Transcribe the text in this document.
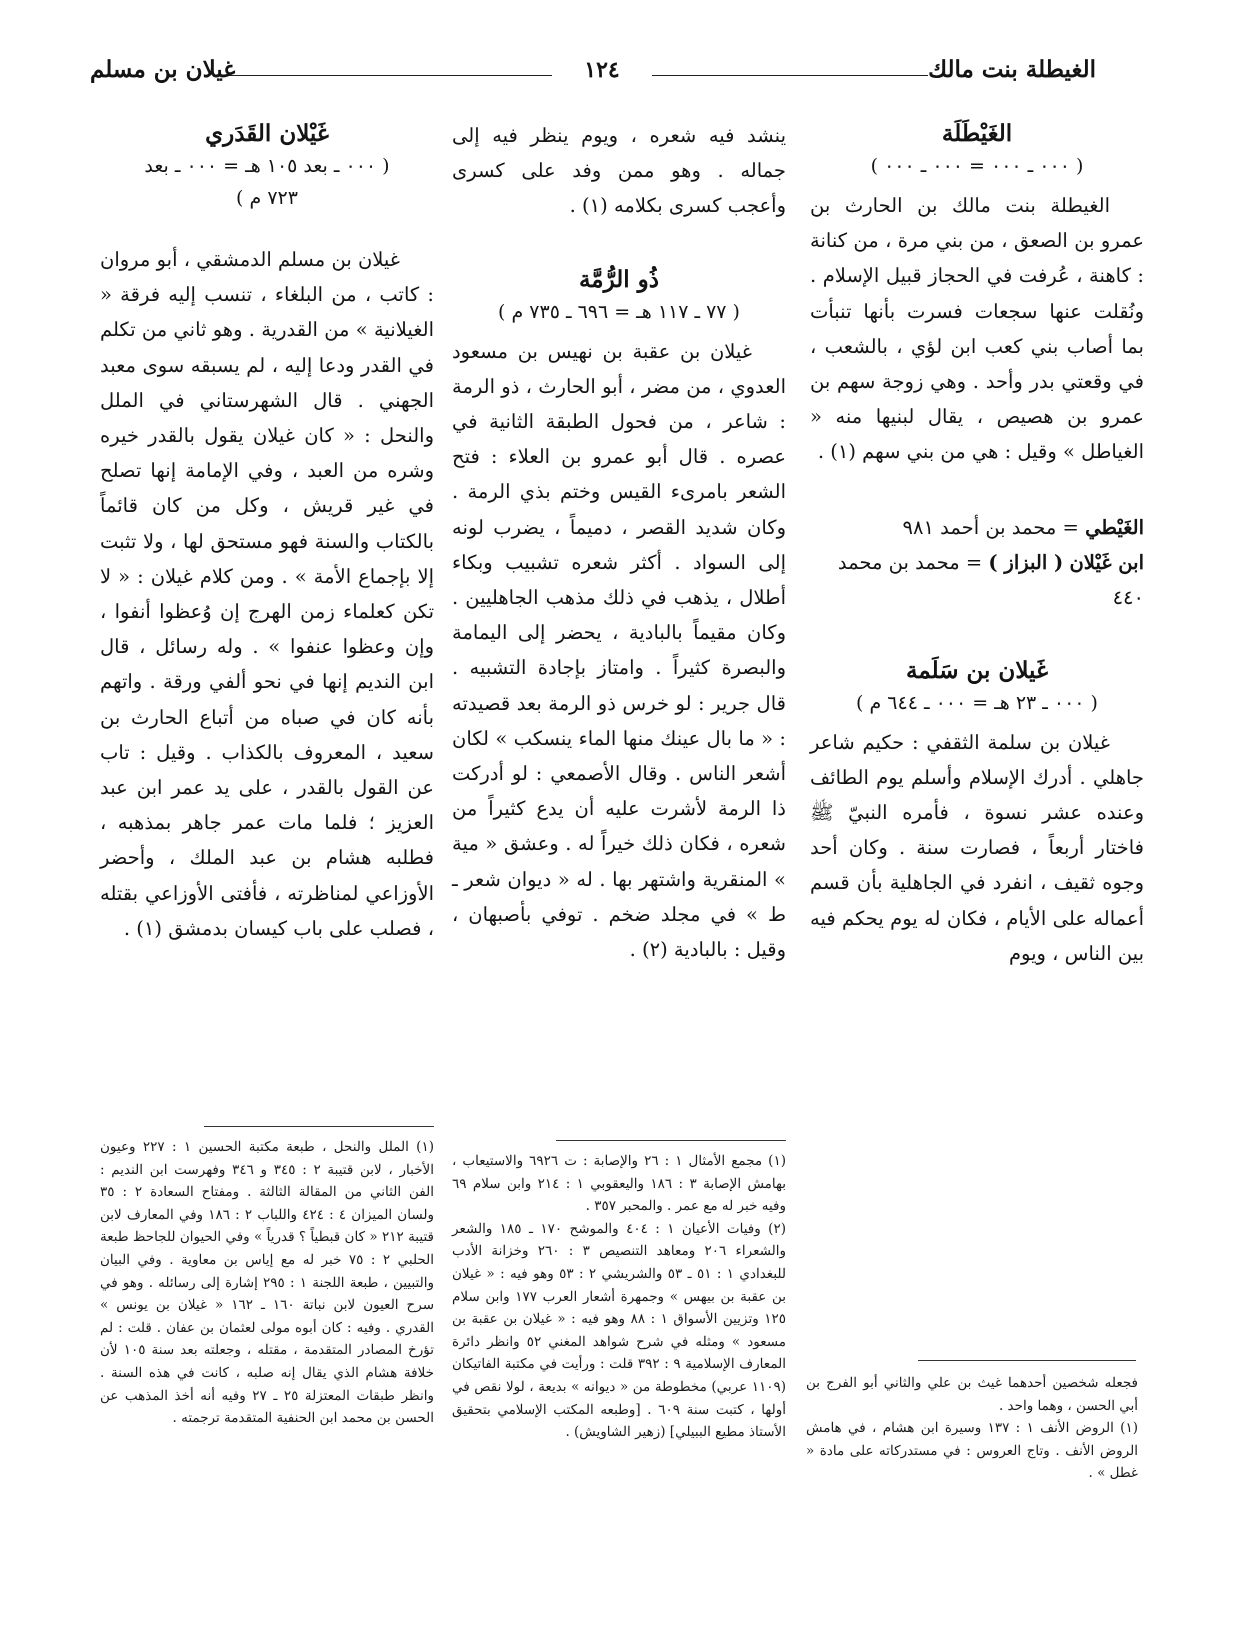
الغيطلة بنت مالك
١٢٤
غيلان بن مسلم

الغَيْطَلَة

( ٠٠٠ ـ ٠٠٠ = ٠٠٠ ـ ٠٠٠ )

الغيطلة بنت مالك بن الحارث بن عمرو بن الصعق ، من بني مرة ، من كنانة : كاهنة ، عُرفت في الحجاز قبيل الإسلام . ونُقلت عنها سجعات فسرت بأنها تنبأت بما أصاب بني كعب ابن لؤي ، بالشعب ، في وقعتي بدر وأحد . وهي زوجة سهم بن عمرو بن هصيص ، يقال لبنيها منه « الغياطل » وقيل : هي من بني سهم (١) .

الغَيْطي = محمد بن أحمد ٩٨١

ابن غَيْلان ( البزاز ) = محمد بن محمد ٤٤٠

غَيلان بن سَلَمة

( ٠٠٠ ـ ٢٣ هـ = ٠٠٠ ـ ٦٤٤ م )

غيلان بن سلمة الثقفي : حكيم شاعر جاهلي . أدرك الإسلام وأسلم يوم الطائف وعنده عشر نسوة ، فأمره النبيّ ﷺ فاختار أربعاً ، فصارت سنة . وكان أحد وجوه ثقيف ، انفرد في الجاهلية بأن قسم أعماله على الأيام ، فكان له يوم يحكم فيه بين الناس ، ويوم

ينشد فيه شعره ، ويوم ينظر فيه إلى جماله . وهو ممن وفد على كسرى وأعجب كسرى بكلامه (١) .

ذُو الرُّمَّة

( ٧٧ ـ ١١٧ هـ = ٦٩٦ ـ ٧٣٥ م )

غيلان بن عقبة بن نهيس بن مسعود العدوي ، من مضر ، أبو الحارث ، ذو الرمة : شاعر ، من فحول الطبقة الثانية في عصره . قال أبو عمرو بن العلاء : فتح الشعر بامرىء القيس وختم بذي الرمة . وكان شديد القصر ، دميماً ، يضرب لونه إلى السواد . أكثر شعره تشبيب وبكاء أطلال ، يذهب في ذلك مذهب الجاهليين . وكان مقيماً بالبادية ، يحضر إلى اليمامة والبصرة كثيراً . وامتاز بإجادة التشبيه . قال جرير : لو خرس ذو الرمة بعد قصيدته : « ما بال عينك منها الماء ينسكب » لكان أشعر الناس . وقال الأصمعي : لو أدركت ذا الرمة لأشرت عليه أن يدع كثيراً من شعره ، فكان ذلك خيراً له . وعشق « مية » المنقرية واشتهر بها . له « ديوان شعر ـ ط » في مجلد ضخم . توفي بأصبهان ، وقيل : بالبادية (٢) .

غَيْلان القَدَري

( ٠٠٠ ـ بعد ١٠٥ هـ = ٠٠٠ ـ بعد

٧٢٣ م )

غيلان بن مسلم الدمشقي ، أبو مروان : كاتب ، من البلغاء ، تنسب إليه فرقة « الغيلانية » من القدرية . وهو ثاني من تكلم في القدر ودعا إليه ، لم يسبقه سوى معبد الجهني . قال الشهرستاني في الملل والنحل : « كان غيلان يقول بالقدر خيره وشره من العبد ، وفي الإمامة إنها تصلح في غير قريش ، وكل من كان قائماً بالكتاب والسنة فهو مستحق لها ، ولا تثبت إلا بإجماع الأمة » . ومن كلام غيلان : « لا تكن كعلماء زمن الهرج إن وُعظوا أنفوا ، وإن وعظوا عنفوا » . وله رسائل ، قال ابن النديم إنها في نحو ألفي ورقة . واتهم بأنه كان في صباه من أتباع الحارث بن سعيد ، المعروف بالكذاب . وقيل : تاب عن القول بالقدر ، على يد عمر ابن عبد العزيز ؛ فلما مات عمر جاهر بمذهبه ، فطلبه هشام بن عبد الملك ، وأحضر الأوزاعي لمناظرته ، فأفتى الأوزاعي بقتله ، فصلب على باب كيسان بدمشق (١) .

فجعله شخصين أحدهما غيث بن علي والثاني أبو الفرج بن أبي الحسن ، وهما واحد .

(١) الروض الأنف ١ : ١٣٧ وسيرة ابن هشام ، في هامش الروض الأنف . وتاج العروس : في مستدركاته على مادة « غطل » .

(١) مجمع الأمثال ١ : ٢٦ والإصابة : ت ٦٩٢٦ والاستيعاب ، بهامش الإصابة ٣ : ١٨٦ واليعقوبي ١ : ٢١٤ وابن سلام ٦٩ وفيه خبر له مع عمر . والمحبر ٣٥٧ .

(٢) وفيات الأعيان ١ : ٤٠٤ والموشح ١٧٠ ـ ١٨٥ والشعر والشعراء ٢٠٦ ومعاهد التنصيص ٣ : ٢٦٠ وخزانة الأدب للبغدادي ١ : ٥١ ـ ٥٣ والشريشي ٢ : ٥٣ وهو فيه : « غيلان بن عقبة بن بيهس » وجمهرة أشعار العرب ١٧٧ وابن سلام ١٢٥ وتزيين الأسواق ١ : ٨٨ وهو فيه : « غيلان بن عقبة بن مسعود » ومثله في شرح شواهد المغني ٥٢ وانظر دائرة المعارف الإسلامية ٩ : ٣٩٢ قلت : ورأيت في مكتبة الفاتيكان (١١٠٩ عربي) مخطوطة من « ديوانه » بديعة ، لولا نقص في أولها ، كتبت سنة ٦٠٩ . [وطبعه المكتب الإسلامي بتحقيق الأستاذ مطيع الببيلي] (زهير الشاويش) .

(١) الملل والنحل ، طبعة مكتبة الحسين ١ : ٢٢٧ وعيون الأخبار ، لابن قتيبة ٢ : ٣٤٥ و ٣٤٦ وفهرست ابن النديم : الفن الثاني من المقالة الثالثة . ومفتاح السعادة ٢ : ٣٥ ولسان الميزان ٤ : ٤٢٤ واللباب ٢ : ١٨٦ وفي المعارف لابن قتيبة ٢١٢ « كان قبطياً ؟ قدرياً » وفي الحيوان للجاحظ طبعة الحلبي ٢ : ٧٥ خبر له مع إياس بن معاوية . وفي البيان والتبيين ، طبعة اللجنة ١ : ٢٩٥ إشارة إلى رسائله . وهو في سرح العيون لابن نباتة ١٦٠ ـ ١٦٢ « غيلان بن يونس » القدري . وفيه : كان أبوه مولى لعثمان بن عفان . قلت : لم تؤرخ المصادر المتقدمة ، مقتله ، وجعلته بعد سنة ١٠٥ لأن خلافة هشام الذي يقال إنه صلبه ، كانت في هذه السنة . وانظر طبقات المعتزلة ٢٥ ـ ٢٧ وفيه أنه أخذ المذهب عن الحسن بن محمد ابن الحنفية المتقدمة ترجمته .
